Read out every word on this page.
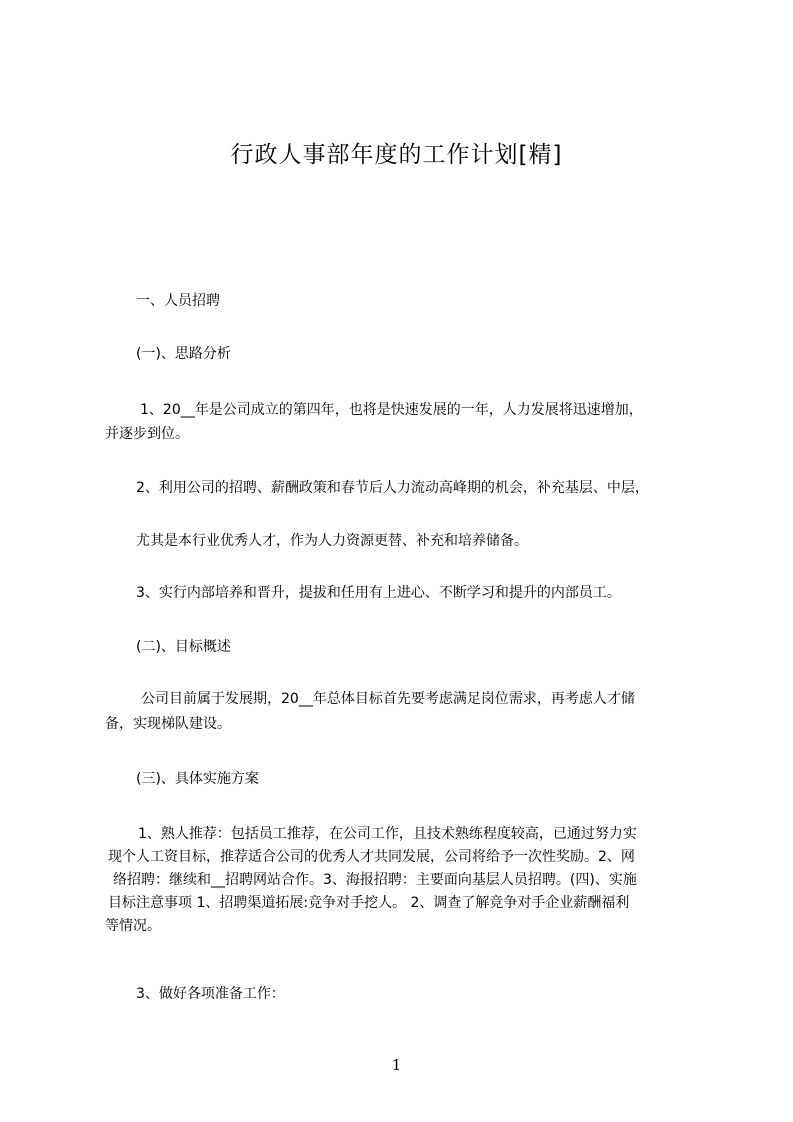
行政人事部年度的工作计划[精]
一、人员招聘
(一)、思路分析
1、20__年是公司成立的第四年，也将是快速发展的一年，人力发展将迅速增加，
并逐步到位。
2、利用公司的招聘、薪酬政策和春节后人力流动高峰期的机会，补充基层、中层，
尤其是本行业优秀人才，作为人力资源更替、补充和培养储备。
3、实行内部培养和晋升，提拔和任用有上进心、不断学习和提升的内部员工。
(二)、目标概述
公司目前属于发展期，20__年总体目标首先要考虑满足岗位需求，再考虑人才储
备，实现梯队建设。
(三)、具体实施方案
1、熟人推荐：包括员工推荐，在公司工作，且技术熟练程度较高，已通过努力实
现个人工资目标，推荐适合公司的优秀人才共同发展，公司将给予一次性奖励。2、网
络招聘：继续和__招聘网站合作。3、海报招聘：主要面向基层人员招聘。(四)、实施
目标注意事项 1、招聘渠道拓展:竞争对手挖人。 2、调查了解竞争对手企业薪酬福利
等情况。
3、做好各项准备工作：
1
